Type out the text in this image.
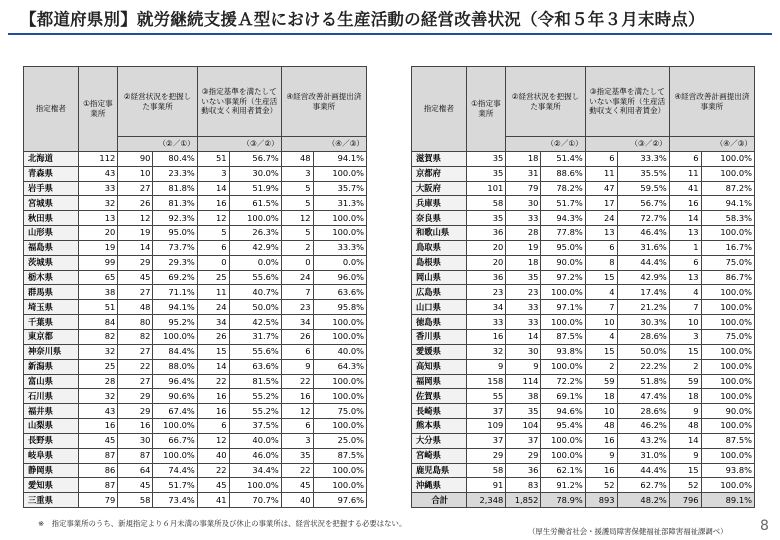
【都道府県別】就労継続支援Ａ型における生産活動の経営改善状況（令和５年３月末時点）
指定権者	①指定事業所	②経営状況を把握した事業所		③指定基準を満たしていない事業所（生産活動収支く利用者賃金）		④経営改善計画提出済事業所	
		（②／①）		（③／②）		（④／③）	
北海道	112	90	80.4%	51	56.7%	48	94.1%
青森県	43	10	23.3%	3	30.0%	3	100.0%
岩手県	33	27	81.8%	14	51.9%	5	35.7%
宮城県	32	26	81.3%	16	61.5%	5	31.3%
秋田県	13	12	92.3%	12	100.0%	12	100.0%
山形県	20	19	95.0%	5	26.3%	5	100.0%
福島県	19	14	73.7%	6	42.9%	2	33.3%
茨城県	99	29	29.3%	0	0.0%	0	0.0%
栃木県	65	45	69.2%	25	55.6%	24	96.0%
群馬県	38	27	71.1%	11	40.7%	7	63.6%
埼玉県	51	48	94.1%	24	50.0%	23	95.8%
千葉県	84	80	95.2%	34	42.5%	34	100.0%
東京都	82	82	100.0%	26	31.7%	26	100.0%
神奈川県	32	27	84.4%	15	55.6%	6	40.0%
新潟県	25	22	88.0%	14	63.6%	9	64.3%
富山県	28	27	96.4%	22	81.5%	22	100.0%
石川県	32	29	90.6%	16	55.2%	16	100.0%
福井県	43	29	67.4%	16	55.2%	12	75.0%
山梨県	16	16	100.0%	6	37.5%	6	100.0%
長野県	45	30	66.7%	12	40.0%	3	25.0%
岐阜県	87	87	100.0%	40	46.0%	35	87.5%
静岡県	86	64	74.4%	22	34.4%	22	100.0%
愛知県	87	45	51.7%	45	100.0%	45	100.0%
三重県	79	58	73.4%	41	70.7%	40	97.6%
指定権者	①指定事業所	②経営状況を把握した事業所		③指定基準を満たしていない事業所（生産活動収支く利用者賃金）		④経営改善計画提出済事業所	
		（②／①）		（③／②）		（④／③）	
滋賀県	35	18	51.4%	6	33.3%	6	100.0%
京都府	35	31	88.6%	11	35.5%	11	100.0%
大阪府	101	79	78.2%	47	59.5%	41	87.2%
兵庫県	58	30	51.7%	17	56.7%	16	94.1%
奈良県	35	33	94.3%	24	72.7%	14	58.3%
和歌山県	36	28	77.8%	13	46.4%	13	100.0%
鳥取県	20	19	95.0%	6	31.6%	1	16.7%
島根県	20	18	90.0%	8	44.4%	6	75.0%
岡山県	36	35	97.2%	15	42.9%	13	86.7%
広島県	23	23	100.0%	4	17.4%	4	100.0%
山口県	34	33	97.1%	7	21.2%	7	100.0%
徳島県	33	33	100.0%	10	30.3%	10	100.0%
香川県	16	14	87.5%	4	28.6%	3	75.0%
愛媛県	32	30	93.8%	15	50.0%	15	100.0%
高知県	9	9	100.0%	2	22.2%	2	100.0%
福岡県	158	114	72.2%	59	51.8%	59	100.0%
佐賀県	55	38	69.1%	18	47.4%	18	100.0%
長崎県	37	35	94.6%	10	28.6%	9	90.0%
熊本県	109	104	95.4%	48	46.2%	48	100.0%
大分県	37	37	100.0%	16	43.2%	14	87.5%
宮崎県	29	29	100.0%	9	31.0%	9	100.0%
鹿児島県	58	36	62.1%	16	44.4%	15	93.8%
沖縄県	91	83	91.2%	52	62.7%	52	100.0%
合計	2,348	1,852	78.9%	893	48.2%	796	89.1%
※　指定事業所のうち、新規指定より６月未満の事業所及び休止の事業所は、経営状況を把握する必要はない。
（厚生労働省社会・援護局障害保健福祉部障害福祉課調べ） 8
